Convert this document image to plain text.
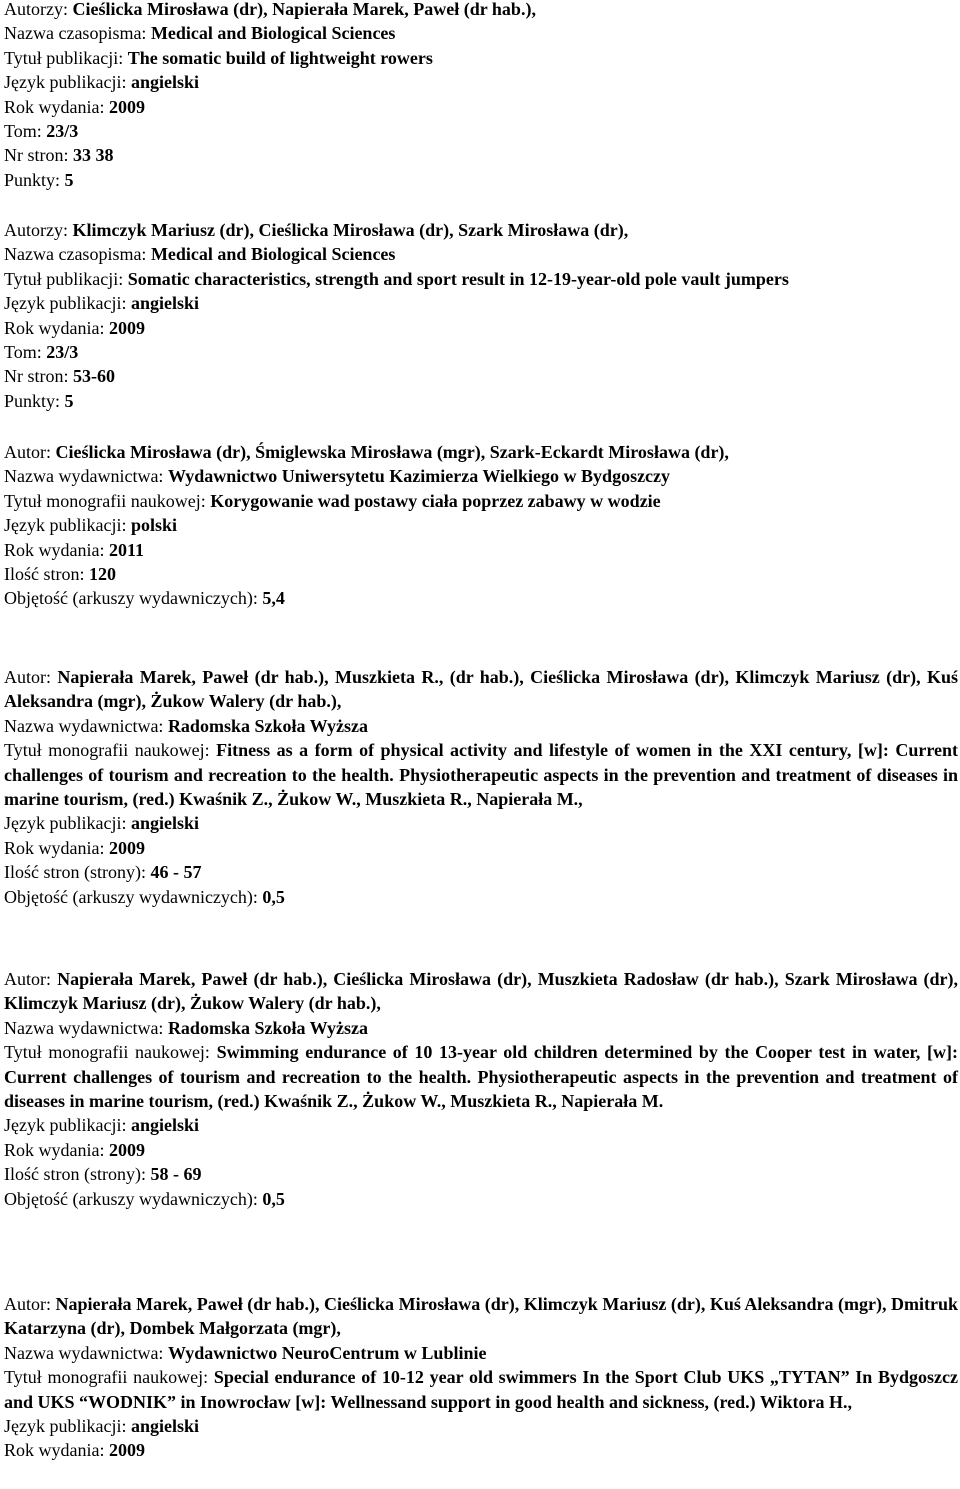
Autorzy: Cieślicka Mirosława (dr), Napierała Marek, Paweł (dr hab.),
Nazwa czasopisma: Medical and Biological Sciences
Tytuł publikacji: The somatic build of lightweight rowers
Język publikacji: angielski
Rok wydania: 2009
Tom: 23/3
Nr stron: 33 38
Punkty: 5
Autorzy: Klimczyk Mariusz (dr), Cieślicka Mirosława (dr), Szark Mirosława (dr),
Nazwa czasopisma: Medical and Biological Sciences
Tytuł publikacji: Somatic characteristics, strength and sport result in 12-19-year-old pole vault jumpers
Język publikacji: angielski
Rok wydania: 2009
Tom: 23/3
Nr stron: 53-60
Punkty: 5
Autor: Cieślicka Mirosława (dr), Śmiglewska Mirosława (mgr), Szark-Eckardt Mirosława (dr),
Nazwa wydawnictwa: Wydawnictwo Uniwersytetu Kazimierza Wielkiego w Bydgoszczy
Tytuł monografii naukowej: Korygowanie wad postawy ciała poprzez zabawy w wodzie
Język publikacji: polski
Rok wydania: 2011
Ilość stron: 120
Objętość (arkuszy wydawniczych): 5,4
Autor: Napierała Marek, Paweł (dr hab.), Muszkieta R., (dr hab.), Cieślicka Mirosława (dr), Klimczyk Mariusz (dr), Kuś Aleksandra (mgr), Żukow Walery (dr hab.),
Nazwa wydawnictwa: Radomska Szkoła Wyższa
Tytuł monografii naukowej: Fitness as a form of physical activity and lifestyle of women in the XXI century, [w]: Current challenges of tourism and recreation to the health. Physiotherapeutic aspects in the prevention and treatment of diseases in marine tourism, (red.) Kwaśnik Z., Żukow W., Muszkieta R., Napierała M.,
Język publikacji: angielski
Rok wydania: 2009
Ilość stron (strony): 46 - 57
Objętość (arkuszy wydawniczych): 0,5
Autor: Napierała Marek, Paweł (dr hab.), Cieślicka Mirosława (dr), Muszkieta Radosław (dr hab.), Szark Mirosława (dr), Klimczyk Mariusz (dr), Żukow Walery (dr hab.),
Nazwa wydawnictwa: Radomska Szkoła Wyższa
Tytuł monografii naukowej: Swimming endurance of 10 13-year old children determined by the Cooper test in water, [w]: Current challenges of tourism and recreation to the health. Physiotherapeutic aspects in the prevention and treatment of diseases in marine tourism, (red.) Kwaśnik Z., Żukow W., Muszkieta R., Napierała M.
Język publikacji: angielski
Rok wydania: 2009
Ilość stron (strony): 58 - 69
Objętość (arkuszy wydawniczych): 0,5
Autor: Napierała Marek, Paweł (dr hab.), Cieślicka Mirosława (dr), Klimczyk Mariusz (dr), Kuś Aleksandra (mgr), Dmitruk Katarzyna (dr), Dombek Małgorzata (mgr),
Nazwa wydawnictwa: Wydawnictwo NeuroCentrum w Lublinie
Tytuł monografii naukowej: Special endurance of 10-12 year old swimmers In the Sport Club UKS „TYTAN” In Bydgoszcz and UKS “WODNIK” in Inowrocław [w]: Wellnessand support in good health and sickness, (red.) Wiktora H.,
Język publikacji: angielski
Rok wydania: 2009
